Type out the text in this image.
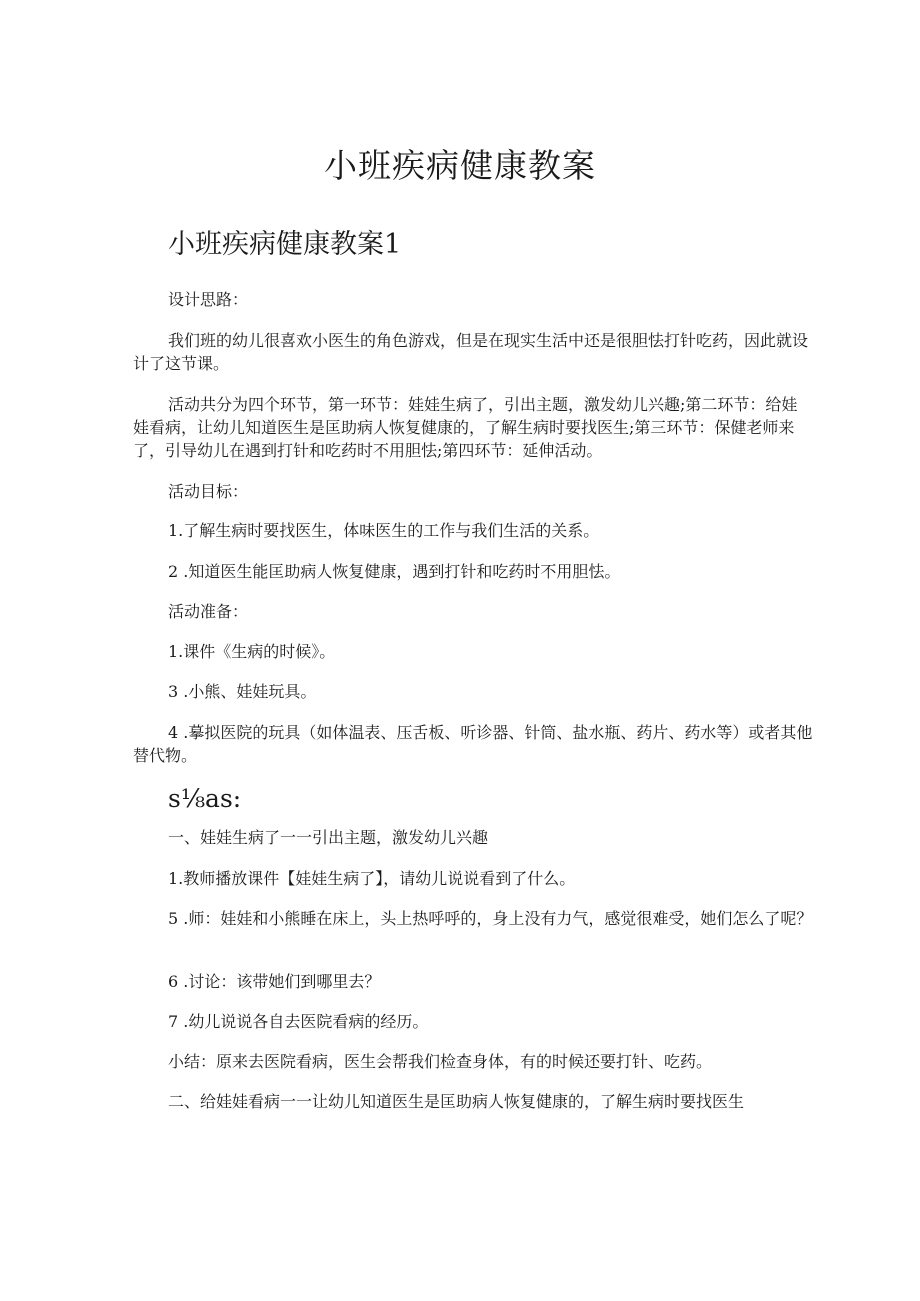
小班疾病健康教案
小班疾病健康教案1
设计思路：
我们班的幼儿很喜欢小医生的角色游戏，但是在现实生活中还是很胆怯打针吃药，因此就设计了这节课。
活动共分为四个环节，第一环节：娃娃生病了，引出主题，激发幼儿兴趣;第二环节：给娃娃看病，让幼儿知道医生是匡助病人恢复健康的，了解生病时要找医生;第三环节：保健老师来了，引导幼儿在遇到打针和吃药时不用胆怯;第四环节：延伸活动。
活动目标：
1.了解生病时要找医生，体味医生的工作与我们生活的关系。
2 .知道医生能匡助病人恢复健康，遇到打针和吃药时不用胆怯。
活动准备：
1.课件《生病的时候》。
3 .小熊、娃娃玩具。
4 .摹拟医院的玩具（如体温表、压舌板、听诊器、针筒、盐水瓶、药片、药水等）或者其他替代物。
s⅛as:
一、娃娃生病了一一引出主题，激发幼儿兴趣
1.教师播放课件【娃娃生病了】，请幼儿说说看到了什么。
5 .师：娃娃和小熊睡在床上，头上热呼呼的，身上没有力气，感觉很难受，她们怎么了呢？
6 .讨论：该带她们到哪里去？
7 .幼儿说说各自去医院看病的经历。
小结：原来去医院看病，医生会帮我们检查身体，有的时候还要打针、吃药。
二、给娃娃看病一一让幼儿知道医生是匡助病人恢复健康的，了解生病时要找医生
